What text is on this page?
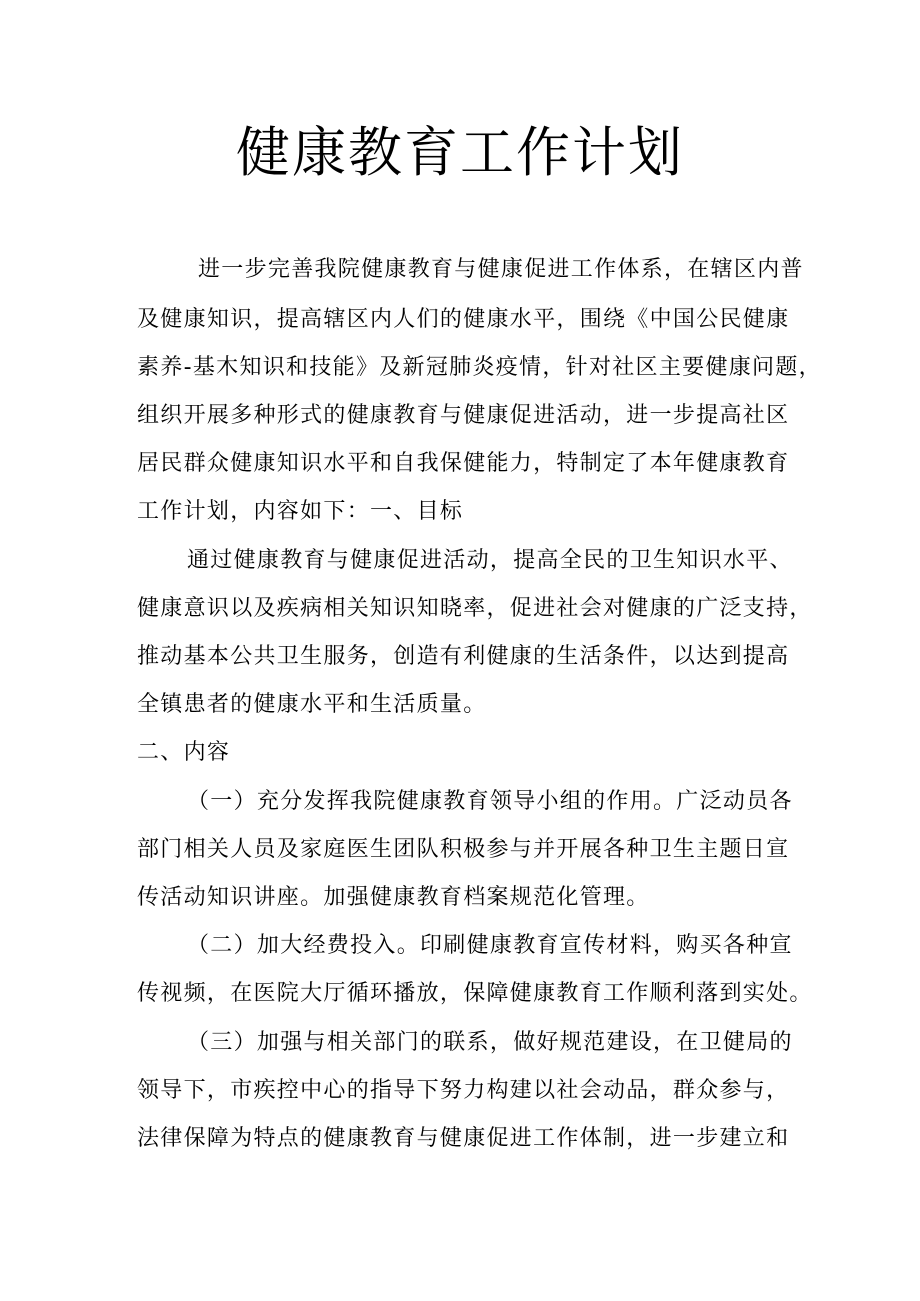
健康教育工作计划
进一步完善我院健康教育与健康促进工作体系，在辖区内普
及健康知识，提高辖区内人们的健康水平，围绕《中国公民健康
素养-基木知识和技能》及新冠肺炎疫情，针对社区主要健康问题，
组织开展多种形式的健康教育与健康促进活动，进一步提高社区
居民群众健康知识水平和自我保健能力，特制定了本年健康教育
工作计划，内容如下：一、目标
通过健康教育与健康促进活动，提高全民的卫生知识水平、
健康意识以及疾病相关知识知晓率，促进社会对健康的广泛支持，
推动基本公共卫生服务，创造有利健康的生活条件，以达到提高
全镇患者的健康水平和生活质量。
二、内容
（一）充分发挥我院健康教育领导小组的作用。广泛动员各
部门相关人员及家庭医生团队积极参与并开展各种卫生主题日宣
传活动知识讲座。加强健康教育档案规范化管理。
（二）加大经费投入。印刷健康教育宣传材料，购买各种宣
传视频，在医院大厅循环播放，保障健康教育工作顺利落到实处。
（三）加强与相关部门的联系，做好规范建设，在卫健局的
领导下，市疾控中心的指导下努力构建以社会动品，群众参与，
法律保障为特点的健康教育与健康促进工作体制，进一步建立和
